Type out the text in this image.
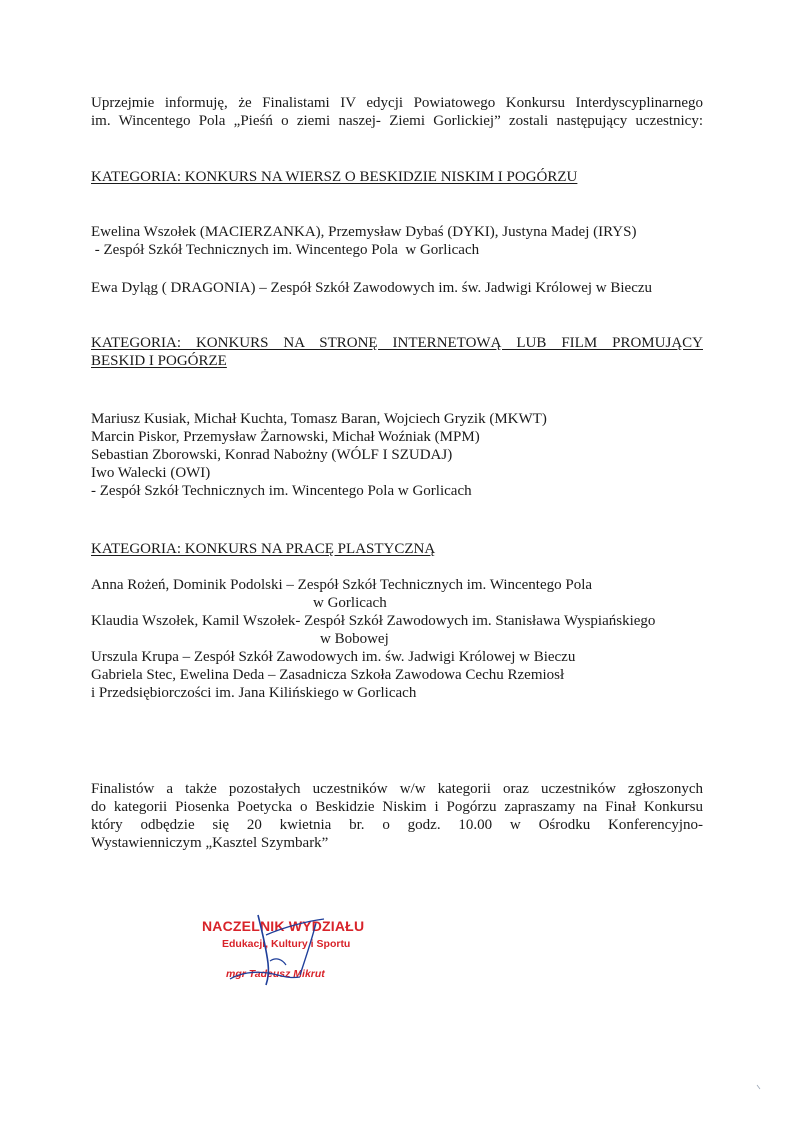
Uprzejmie informuję, że Finalistami IV edycji Powiatowego Konkursu Interdyscyplinarnego
im. Wincentego Pola „Pieśń o ziemi naszej- Ziemi Gorlickiej” zostali następujący uczestnicy:
KATEGORIA: KONKURS NA WIERSZ O BESKIDZIE NISKIM I POGÓRZU
Ewelina Wszołek (MACIERZANKA), Przemysław Dybaś (DYKI), Justyna Madej (IRYS)
- Zespół Szkół Technicznych im. Wincentego Pola  w Gorlicach
Ewa Dyląg ( DRAGONIA) – Zespół Szkół Zawodowych im. św. Jadwigi Królowej w Bieczu
KATEGORIA: KONKURS NA STRONĘ INTERNETOWĄ LUB FILM PROMUJĄCY
BESKID I POGÓRZE
Mariusz Kusiak, Michał Kuchta, Tomasz Baran, Wojciech Gryzik (MKWT)
Marcin Piskor, Przemysław Żarnowski, Michał Woźniak (MPM)
Sebastian Zborowski, Konrad Nabożny (WÓLF I SZUDAJ)
Iwo Walecki (OWI)
- Zespół Szkół Technicznych im. Wincentego Pola w Gorlicach
KATEGORIA: KONKURS NA PRACĘ PLASTYCZNĄ
Anna Rożeń, Dominik Podolski – Zespół Szkół Technicznych im. Wincentego Pola
w Gorlicach
Klaudia Wszołek, Kamil Wszołek- Zespół Szkół Zawodowych im. Stanisława Wyspiańskiego
w Bobowej
Urszula Krupa – Zespół Szkół Zawodowych im. św. Jadwigi Królowej w Bieczu
Gabriela Stec, Ewelina Deda – Zasadnicza Szkoła Zawodowa Cechu Rzemiosł
i Przedsiębiorczości im. Jana Kilińskiego w Gorlicach
Finalistów a także pozostałych uczestników w/w kategorii oraz uczestników zgłoszonych
do kategorii Piosenka Poetycka o Beskidzie Niskim i Pogórzu zapraszamy na Finał Konkursu
który odbędzie się 20 kwietnia br. o godz. 10.00 w Ośrodku Konferencyjno-
Wystawienniczym „Kasztel Szymbark”
NACZELNIK WYDZIAŁU
Edukacji, Kultury i Sportu
mgr Tadeusz Mikrut
